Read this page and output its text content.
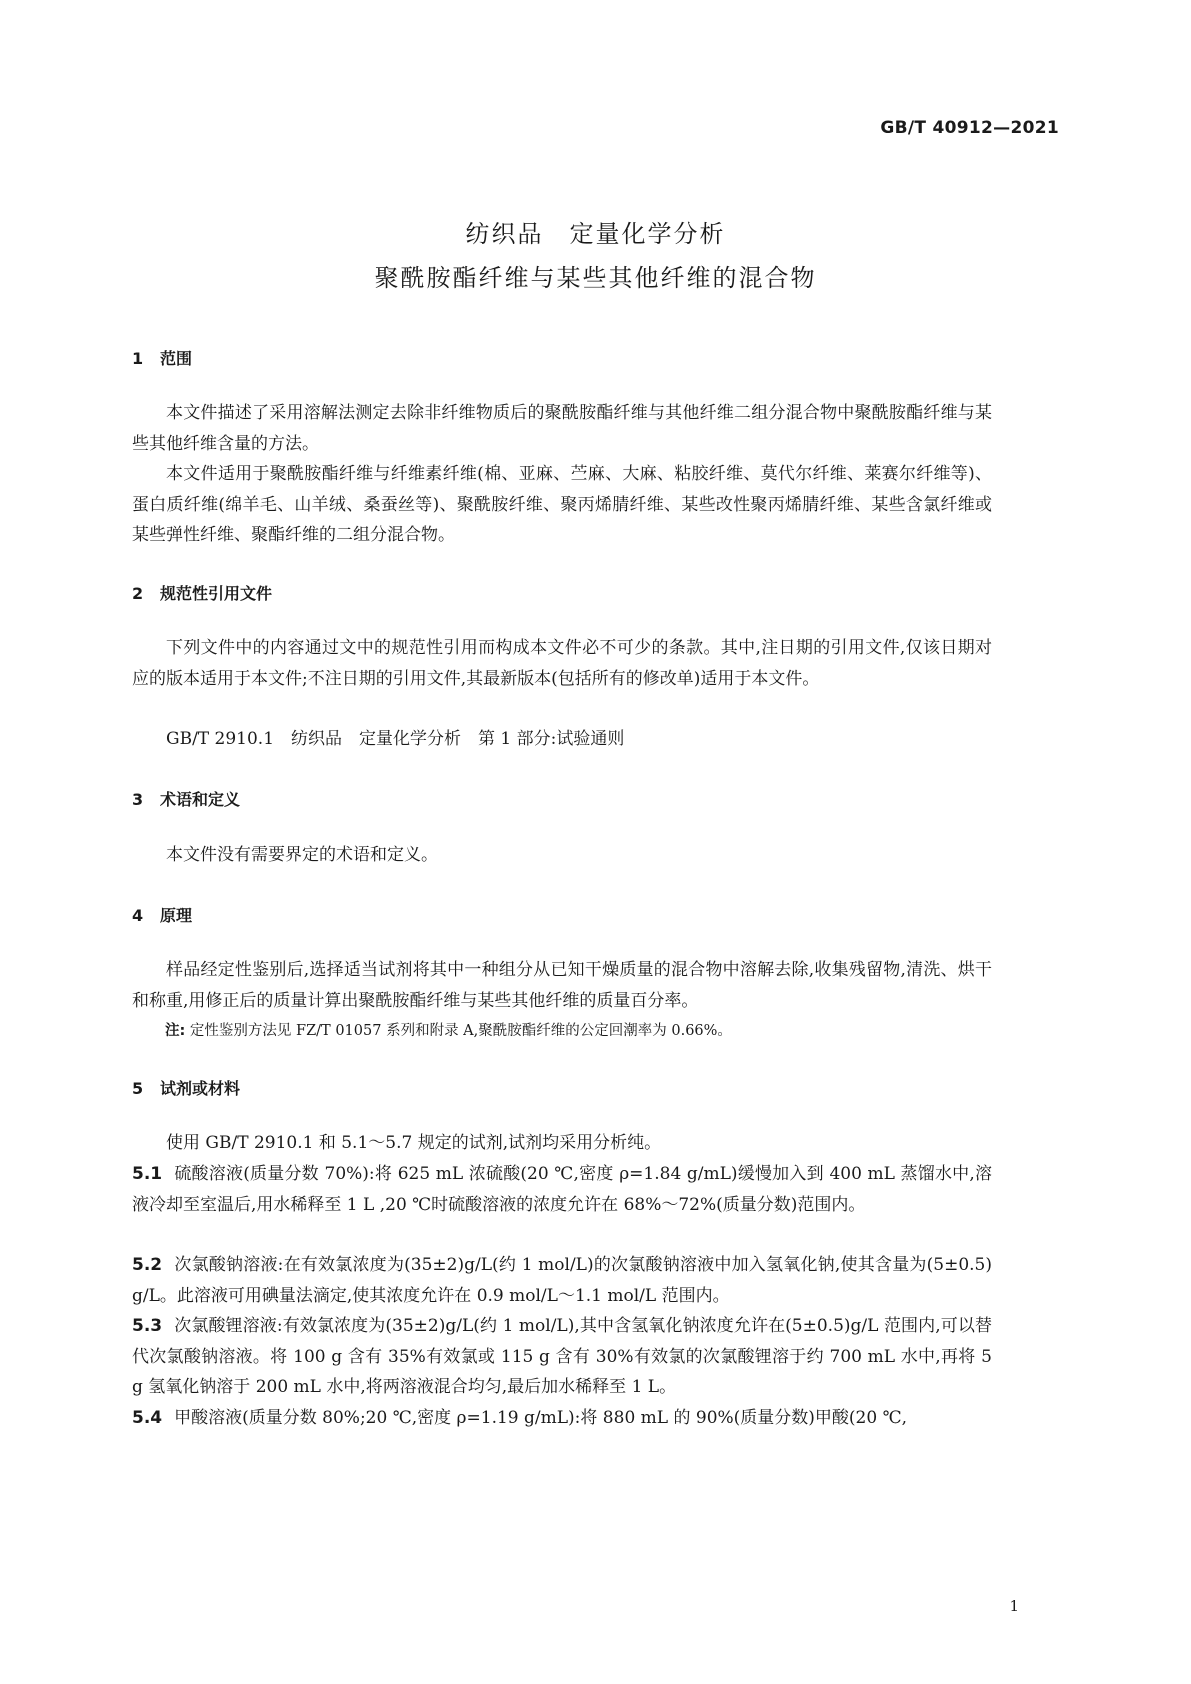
GB/T 40912—2021
纺织品　定量化学分析
聚酰胺酯纤维与某些其他纤维的混合物
1 范围

本文件描述了采用溶解法测定去除非纤维物质后的聚酰胺酯纤维与其他纤维二组分混合物中聚酰胺酯纤维与某些其他纤维含量的方法。

本文件适用于聚酰胺酯纤维与纤维素纤维(棉、亚麻、苎麻、大麻、粘胶纤维、莫代尔纤维、莱赛尔纤维等)、蛋白质纤维(绵羊毛、山羊绒、桑蚕丝等)、聚酰胺纤维、聚丙烯腈纤维、某些改性聚丙烯腈纤维、某些含氯纤维或某些弹性纤维、聚酯纤维的二组分混合物。

2 规范性引用文件

下列文件中的内容通过文中的规范性引用而构成本文件必不可少的条款。其中,注日期的引用文件,仅该日期对应的版本适用于本文件;不注日期的引用文件,其最新版本(包括所有的修改单)适用于本文件。

GB/T 2910.1　纺织品　定量化学分析　第 1 部分:试验通则

3 术语和定义

本文件没有需要界定的术语和定义。

4 原理

样品经定性鉴别后,选择适当试剂将其中一种组分从已知干燥质量的混合物中溶解去除,收集残留物,清洗、烘干和称重,用修正后的质量计算出聚酰胺酯纤维与某些其他纤维的质量百分率。

注: 定性鉴别方法见 FZ/T 01057 系列和附录 A,聚酰胺酯纤维的公定回潮率为 0.66%。
5 试剂或材料

使用 GB/T 2910.1 和 5.1～5.7 规定的试剂,试剂均采用分析纯。

5.1 硫酸溶液(质量分数 70%):将 625 mL 浓硫酸(20 ℃,密度 ρ=1.84 g/mL)缓慢加入到 400 mL 蒸馏水中,溶液冷却至室温后,用水稀释至 1 L ,20 ℃时硫酸溶液的浓度允许在 68%～72%(质量分数)范围内。

5.2 次氯酸钠溶液:在有效氯浓度为(35±2)g/L(约 1 mol/L)的次氯酸钠溶液中加入氢氧化钠,使其含量为(5±0.5) g/L。此溶液可用碘量法滴定,使其浓度允许在 0.9 mol/L～1.1 mol/L 范围内。

5.3 次氯酸锂溶液:有效氯浓度为(35±2)g/L(约 1 mol/L),其中含氢氧化钠浓度允许在(5±0.5)g/L 范围内,可以替代次氯酸钠溶液。将 100 g 含有 35%有效氯或 115 g 含有 30%有效氯的次氯酸锂溶于约 700 mL 水中,再将 5 g 氢氧化钠溶于 200 mL 水中,将两溶液混合均匀,最后加水稀释至 1 L。

5.4 甲酸溶液(质量分数 80%;20 ℃,密度 ρ=1.19 g/mL):将 880 mL 的 90%(质量分数)甲酸(20 ℃,

1
